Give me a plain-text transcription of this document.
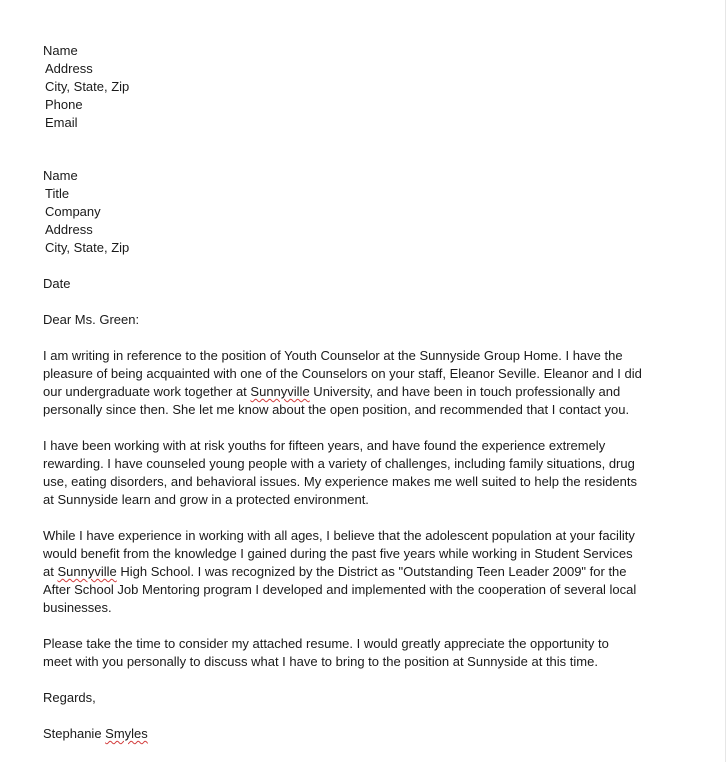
Name
Address
City, State, Zip
Phone
Email
Name
Title
Company
Address
City, State, Zip
Date
Dear Ms. Green:
I am writing in reference to the position of Youth Counselor at the Sunnyside Group Home. I have the
pleasure of being acquainted with one of the Counselors on your staff, Eleanor Seville. Eleanor and I did
our undergraduate work together at Sunnyville University, and have been in touch professionally and
personally since then. She let me know about the open position, and recommended that I contact you.
I have been working with at risk youths for fifteen years, and have found the experience extremely
rewarding. I have counseled young people with a variety of challenges, including family situations, drug
use, eating disorders, and behavioral issues. My experience makes me well suited to help the residents
at Sunnyside learn and grow in a protected environment.
While I have experience in working with all ages, I believe that the adolescent population at your facility
would benefit from the knowledge I gained during the past five years while working in Student Services
at Sunnyville High School. I was recognized by the District as "Outstanding Teen Leader 2009" for the
After School Job Mentoring program I developed and implemented with the cooperation of several local
businesses.
Please take the time to consider my attached resume. I would greatly appreciate the opportunity to
meet with you personally to discuss what I have to bring to the position at Sunnyside at this time.
Regards,
Stephanie Smyles
